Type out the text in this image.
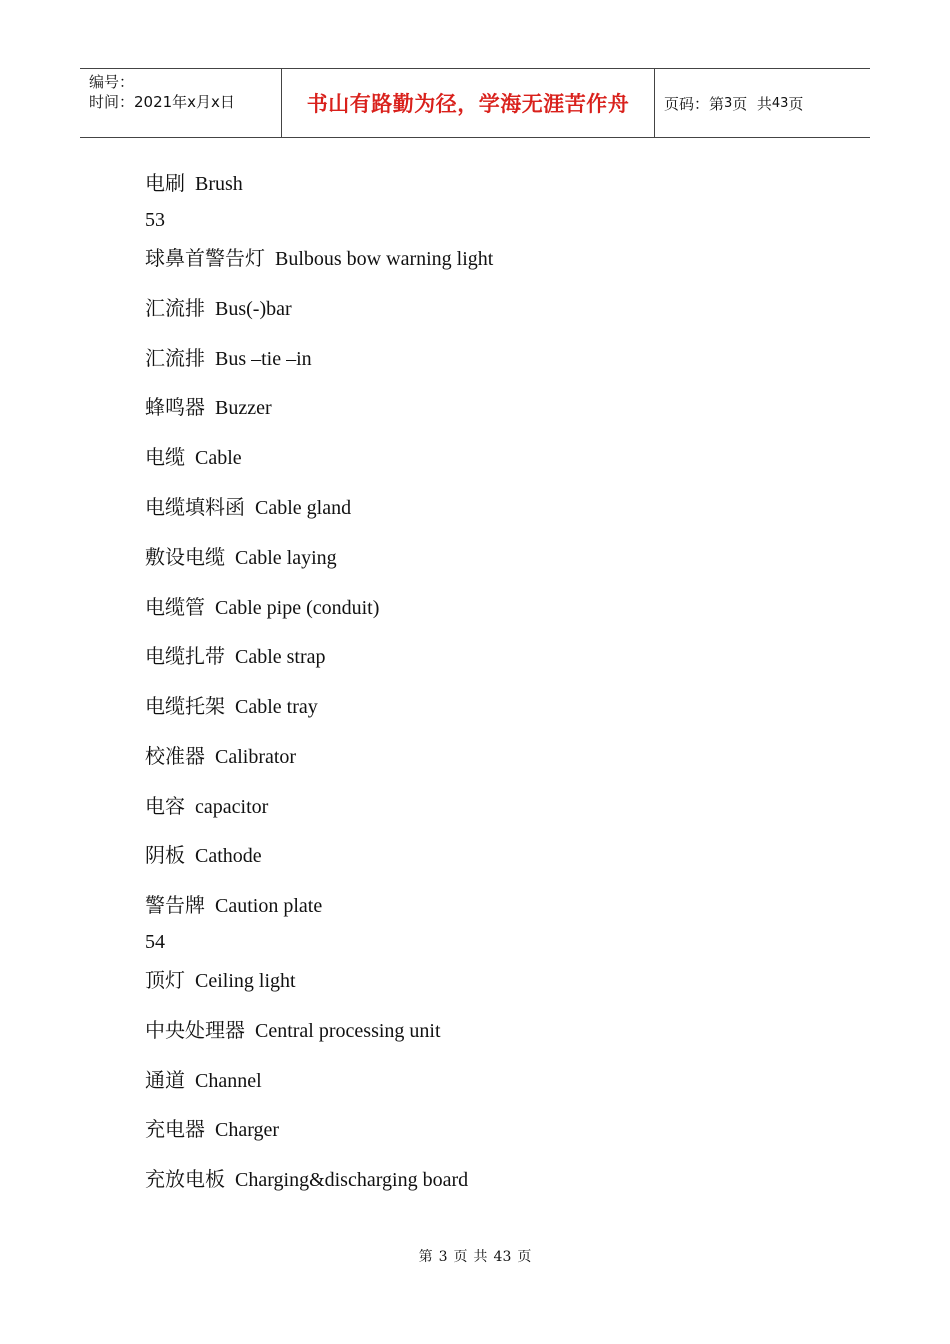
编号：
时间：2021年x月x日	书山有路勤为径，学海无涯苦作舟 页码：第 3 页  共 43 页
电刷 Brush
53
球鼻首警告灯 Bulbous bow warning light
汇流排 Bus(-)bar
汇流排 Bus –tie –in
蜂鸣器 Buzzer
电缆 Cable
电缆填料函 Cable gland
敷设电缆 Cable laying
电缆管 Cable pipe (conduit)
电缆扎带 Cable strap
电缆托架 Cable tray
校准器 Calibrator
电容 capacitor
阴板 Cathode
警告牌 Caution plate
54
顶灯 Ceiling light
中央处理器 Central processing unit
通道 Channel
充电器 Charger
充放电板 Charging&discharging board
第 3 页 共 43 页
